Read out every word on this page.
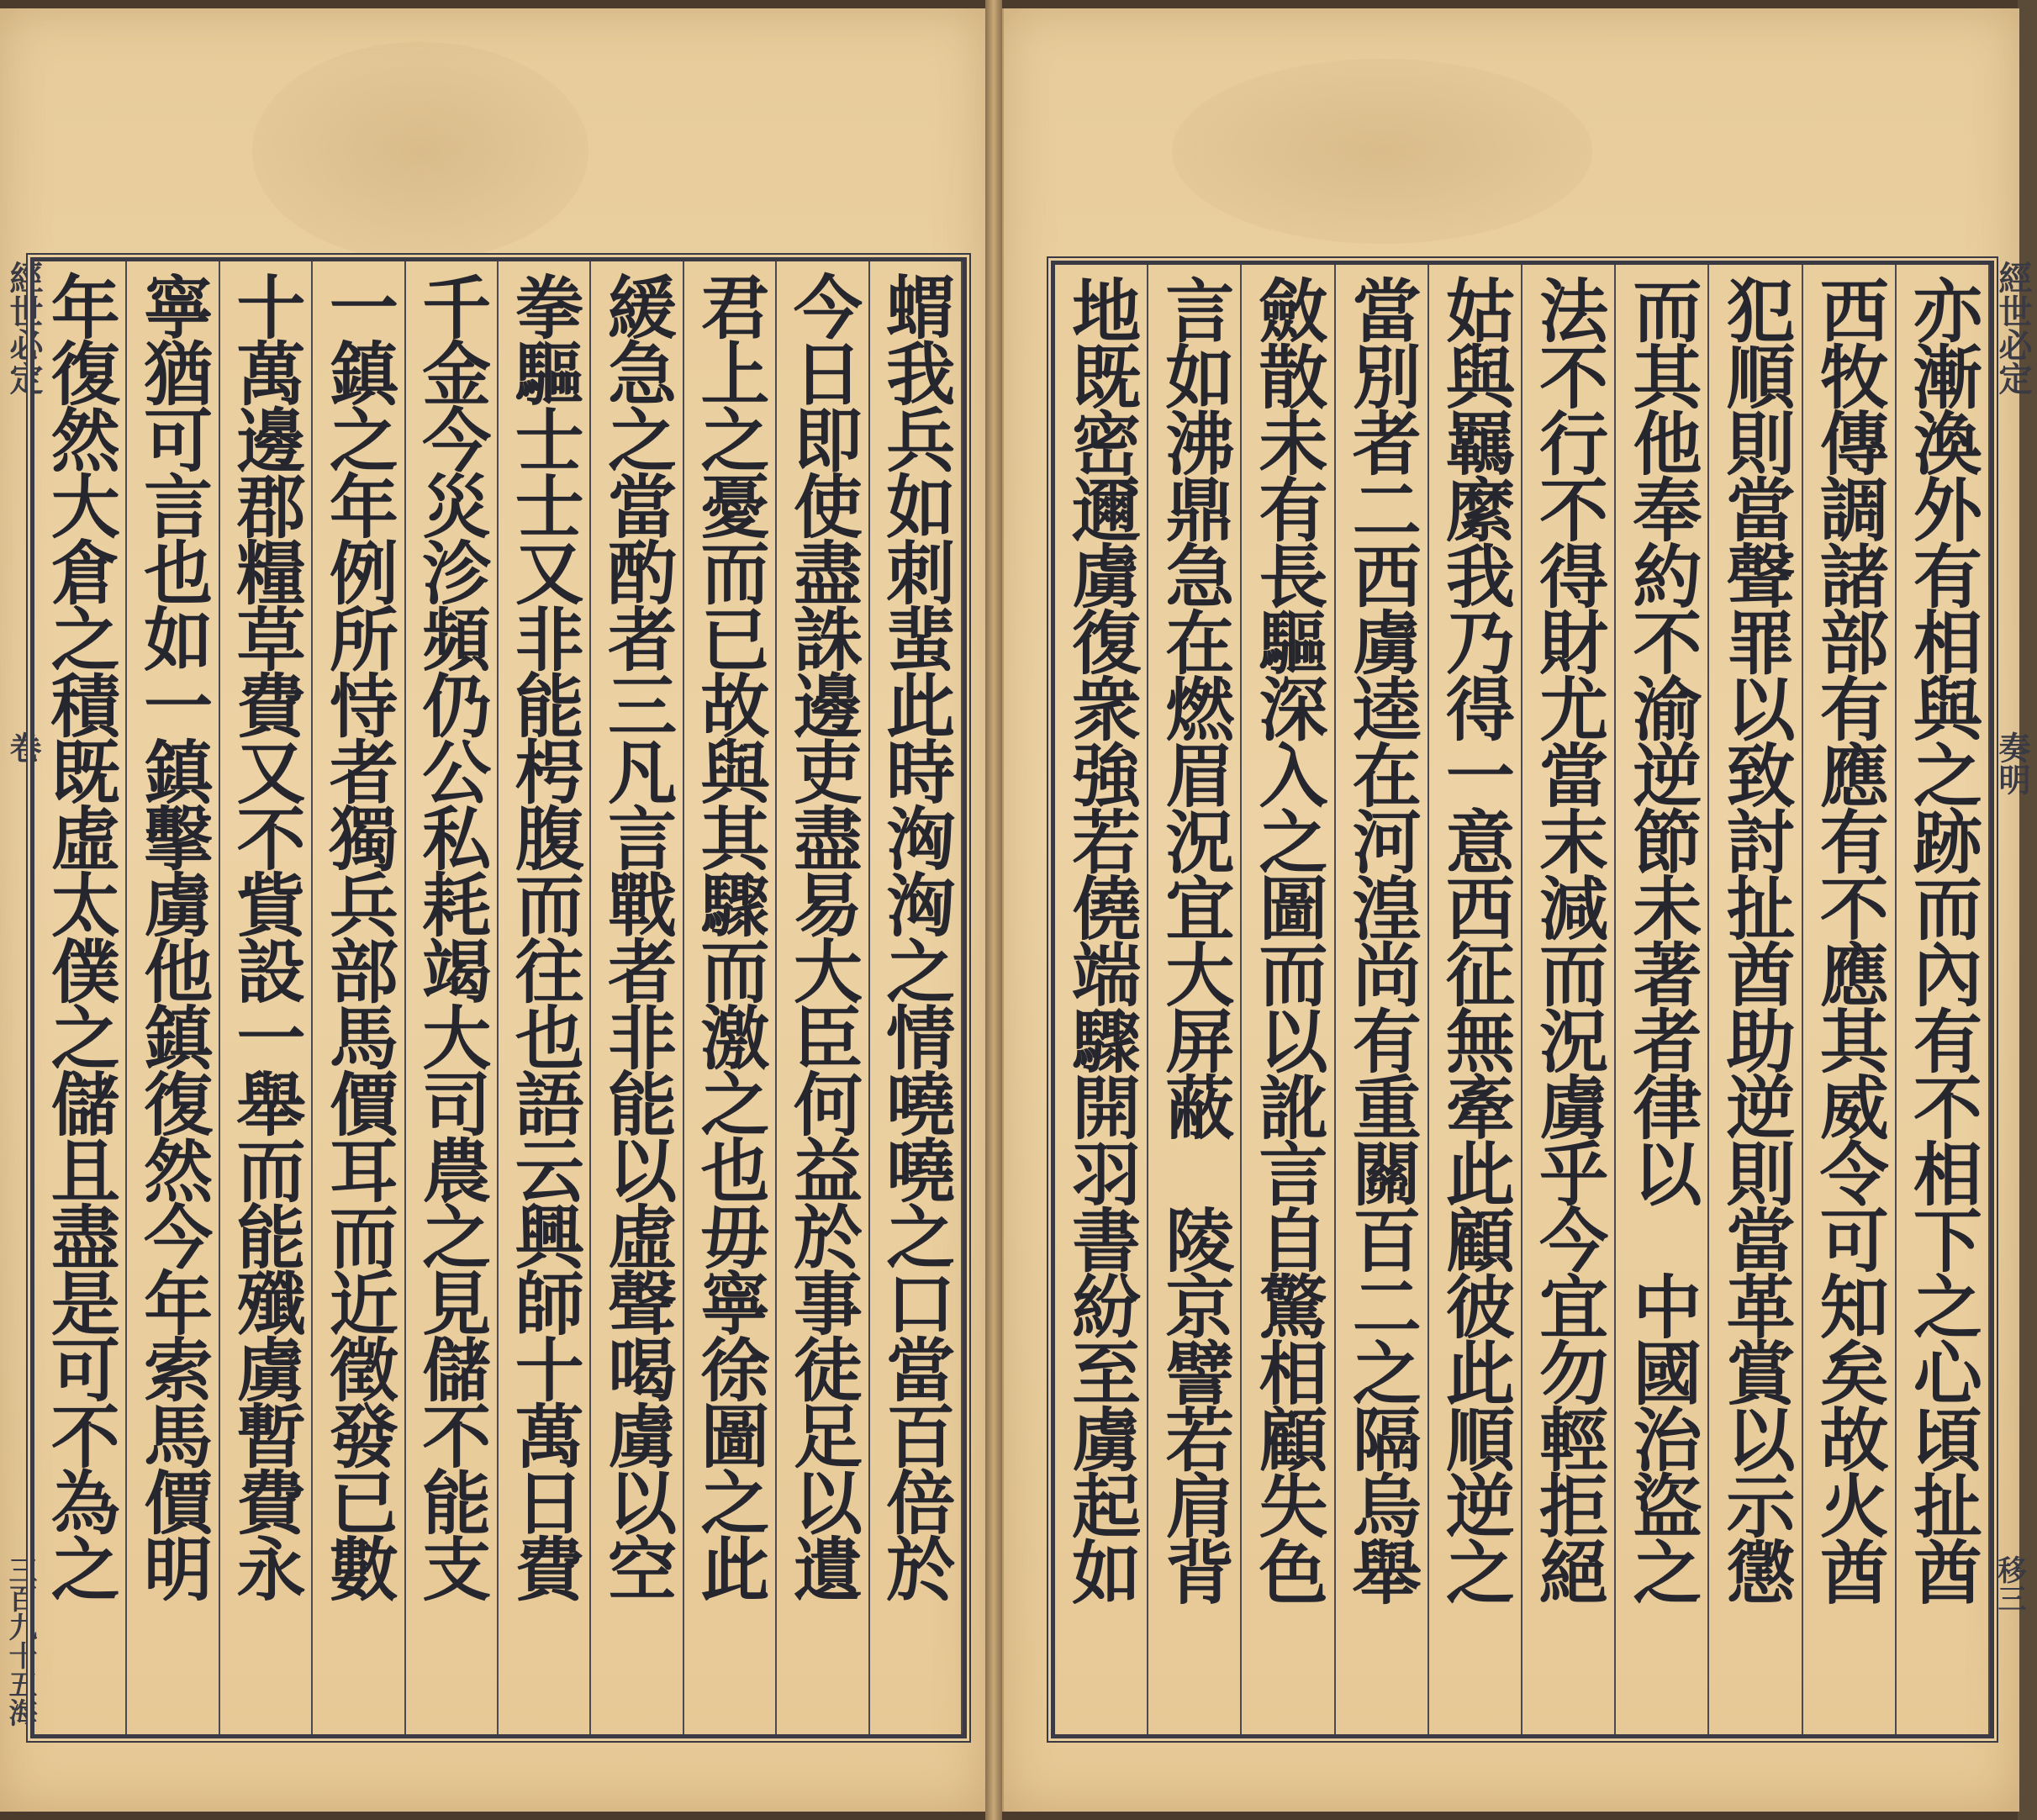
經世必定
卷
三百九十五海
蝟我兵如刺蜚此時洶洶之情嘵嘵之口當百倍於
今日即使盡誅邊吏盡易大臣何益於事徒足以遺
君上之憂而已故與其驟而激之也毋寧徐圖之此
緩急之當酌者三凡言戰者非能以虛聲喝虜以空
拳驅士士又非能枵腹而往也語云興師十萬日費
千金今災沴頻仍公私耗竭大司農之見儲不能支
一鎮之年例所恃者獨兵部馬價耳而近徵發已數
十萬邊郡糧草費又不貲設一舉而能殲虜暫費永
寧猶可言也如一鎮擊虜他鎮復然今年索馬價明
年復然大倉之積既虛太僕之儲且盡是可不為之	經世必定
奏明
移三
亦漸渙外有相與之跡而內有不相下之心頃扯酋
西牧傳調諸部有應有不應其威令可知矣故火酋
犯順則當聲罪以致討扯酋助逆則當革賞以示懲
而其他奉約不渝逆節未著者律以　中國治盜之
法不行不得財尤當末減而況虜乎今宜勿輕拒絕
姑與羈縻我乃得一意西征無牽此顧彼此順逆之
當別者二西虜逵在河湟尚有重關百二之隔烏舉
斂散未有長驅深入之圖而以訛言自驚相顧失色
言如沸鼎急在燃眉況宜大屏蔽　陵京譬若肩背
地既密邇虜復衆強若僥端驟開羽書紛至虜起如
